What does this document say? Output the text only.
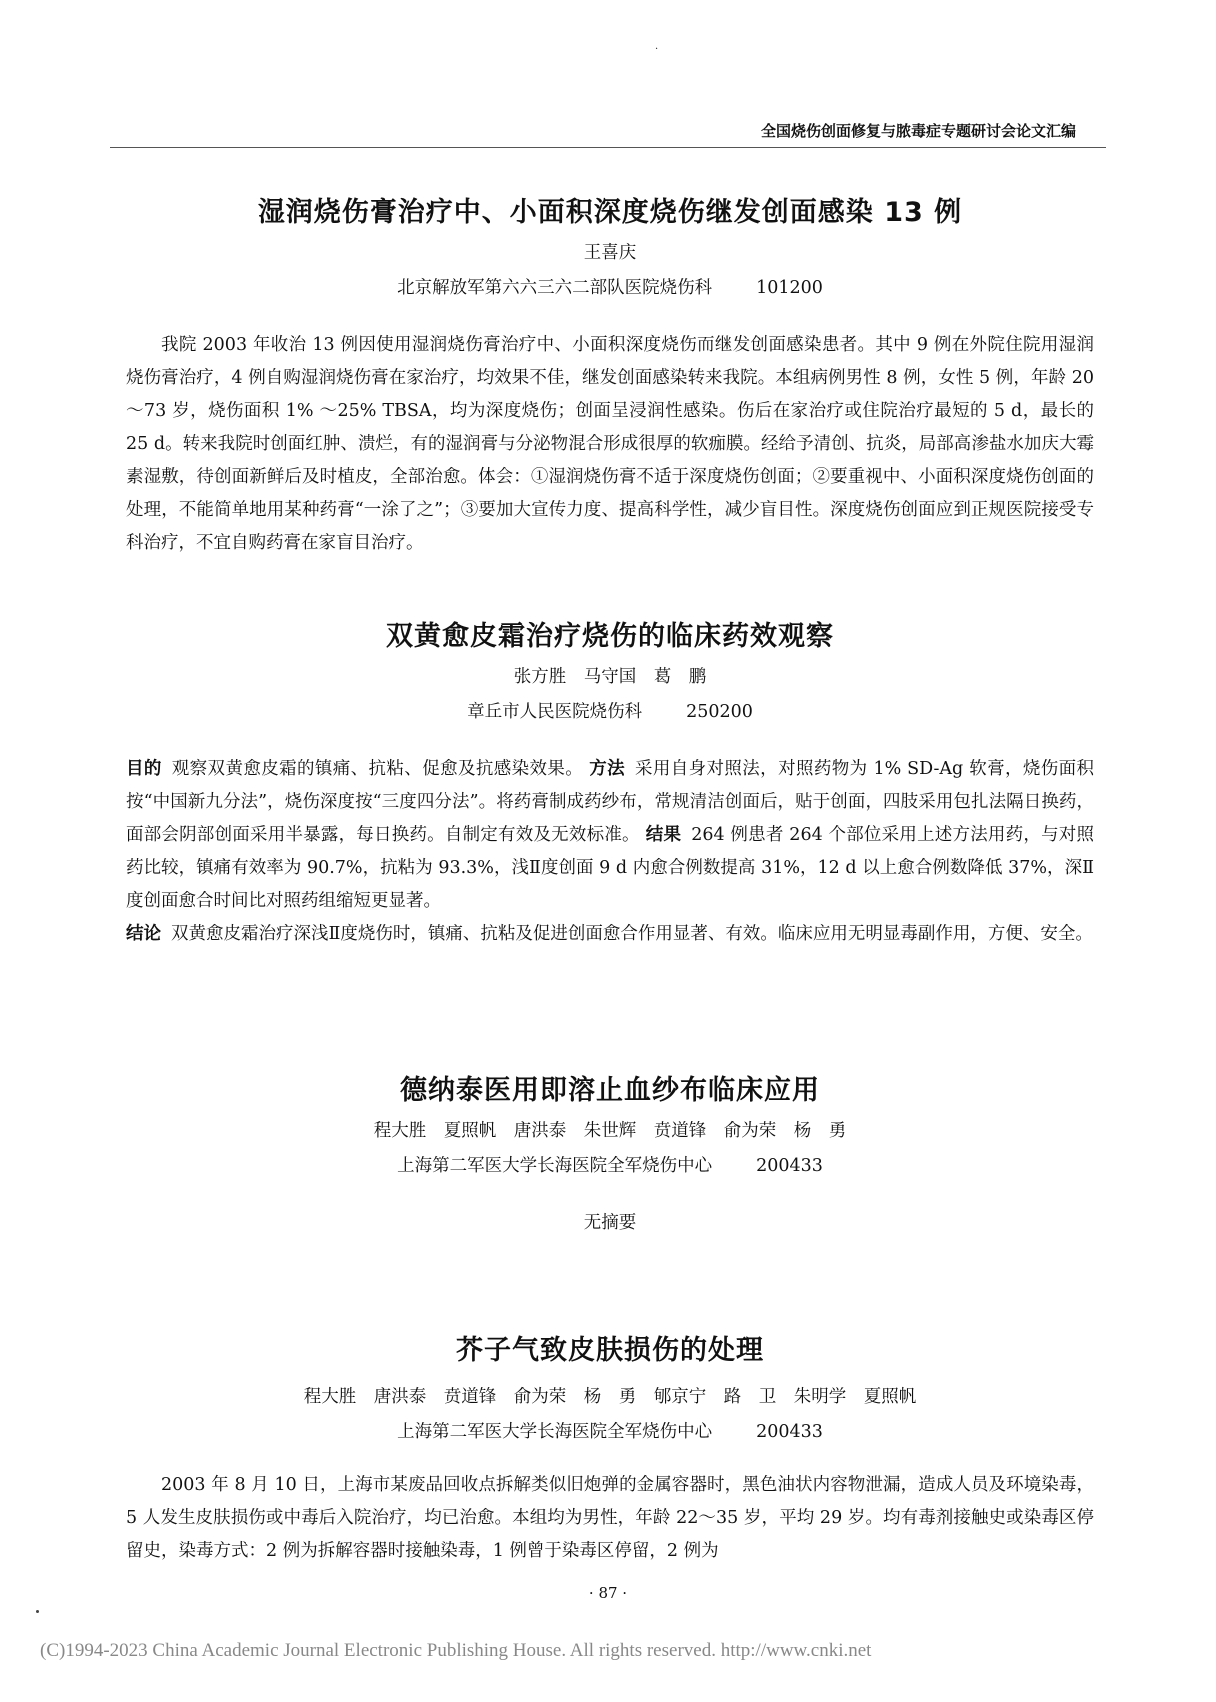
·
全国烧伤创面修复与脓毒症专题研讨会论文汇编
湿润烧伤膏治疗中、小面积深度烧伤继发创面感染 13 例
王喜庆
北京解放军第六六三六二部队医院烧伤科	101200

我院 2003 年收治 13 例因使用湿润烧伤膏治疗中、小面积深度烧伤而继发创面感染患者。其中 9 例在外院住院用湿润烧伤膏治疗，4 例自购湿润烧伤膏在家治疗，均效果不佳，继发创面感染转来我院。本组病例男性 8 例，女性 5 例，年龄 20～73 岁，烧伤面积 1% ～25% TBSA，均为深度烧伤；创面呈浸润性感染。伤后在家治疗或住院治疗最短的 5 d，最长的 25 d。转来我院时创面红肿、溃烂，有的湿润膏与分泌物混合形成很厚的软痂膜。经给予清创、抗炎，局部高渗盐水加庆大霉素湿敷，待创面新鲜后及时植皮，全部治愈。体会：①湿润烧伤膏不适于深度烧伤创面；②要重视中、小面积深度烧伤创面的处理，不能简单地用某种药膏“一涂了之”；③要加大宣传力度、提高科学性，减少盲目性。深度烧伤创面应到正规医院接受专科治疗，不宜自购药膏在家盲目治疗。

双黄愈皮霜治疗烧伤的临床药效观察
张方胜　马守国　葛　鹏
章丘市人民医院烧伤科	250200

目的 观察双黄愈皮霜的镇痛、抗粘、促愈及抗感染效果。 方法 采用自身对照法，对照药物为 1% SD-Ag 软膏，烧伤面积按“中国新九分法”，烧伤深度按“三度四分法”。将药膏制成药纱布，常规清洁创面后，贴于创面，四肢采用包扎法隔日换药，面部会阴部创面采用半暴露，每日换药。自制定有效及无效标准。 结果 264 例患者 264 个部位采用上述方法用药，与对照药比较，镇痛有效率为 90.7%，抗粘为 93.3%，浅Ⅱ度创面 9 d 内愈合例数提高 31%，12 d 以上愈合例数降低 37%，深Ⅱ度创面愈合时间比对照药组缩短更显著。
结论 双黄愈皮霜治疗深浅Ⅱ度烧伤时，镇痛、抗粘及促进创面愈合作用显著、有效。临床应用无明显毒副作用，方便、安全。

德纳泰医用即溶止血纱布临床应用
程大胜　夏照帆　唐洪泰　朱世辉　贲道锋　俞为荣　杨　勇
上海第二军医大学长海医院全军烧伤中心	200433
无摘要
芥子气致皮肤损伤的处理
程大胜　唐洪泰　贲道锋　俞为荣　杨　勇　郇京宁　路　卫　朱明学　夏照帆
上海第二军医大学长海医院全军烧伤中心	200433

2003 年 8 月 10 日，上海市某废品回收点拆解类似旧炮弹的金属容器时，黑色油状内容物泄漏，造成人员及环境染毒，5 人发生皮肤损伤或中毒后入院治疗，均已治愈。本组均为男性，年龄 22～35 岁，平均 29 岁。均有毒剂接触史或染毒区停留史，染毒方式：2 例为拆解容器时接触染毒，1 例曾于染毒区停留，2 例为

· 87 ·
(C)1994-2023 China Academic Journal Electronic Publishing House. All rights reserved. http://www.cnki.net
